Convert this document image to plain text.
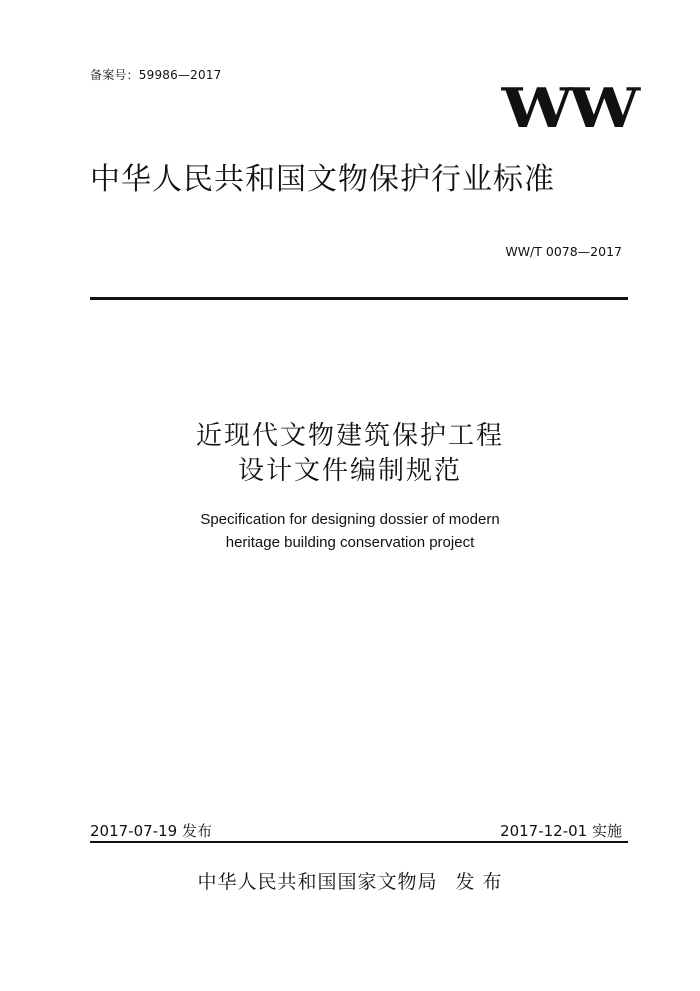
备案号：59986—2017
WW
中华人民共和国文物保护行业标准
WW/T 0078—2017
近现代文物建筑保护工程
设计文件编制规范
Specification for designing dossier of modern
heritage building conservation project
2017-07-19 发布	2017-12-01 实施
中华人民共和国国家文物局 发 布
